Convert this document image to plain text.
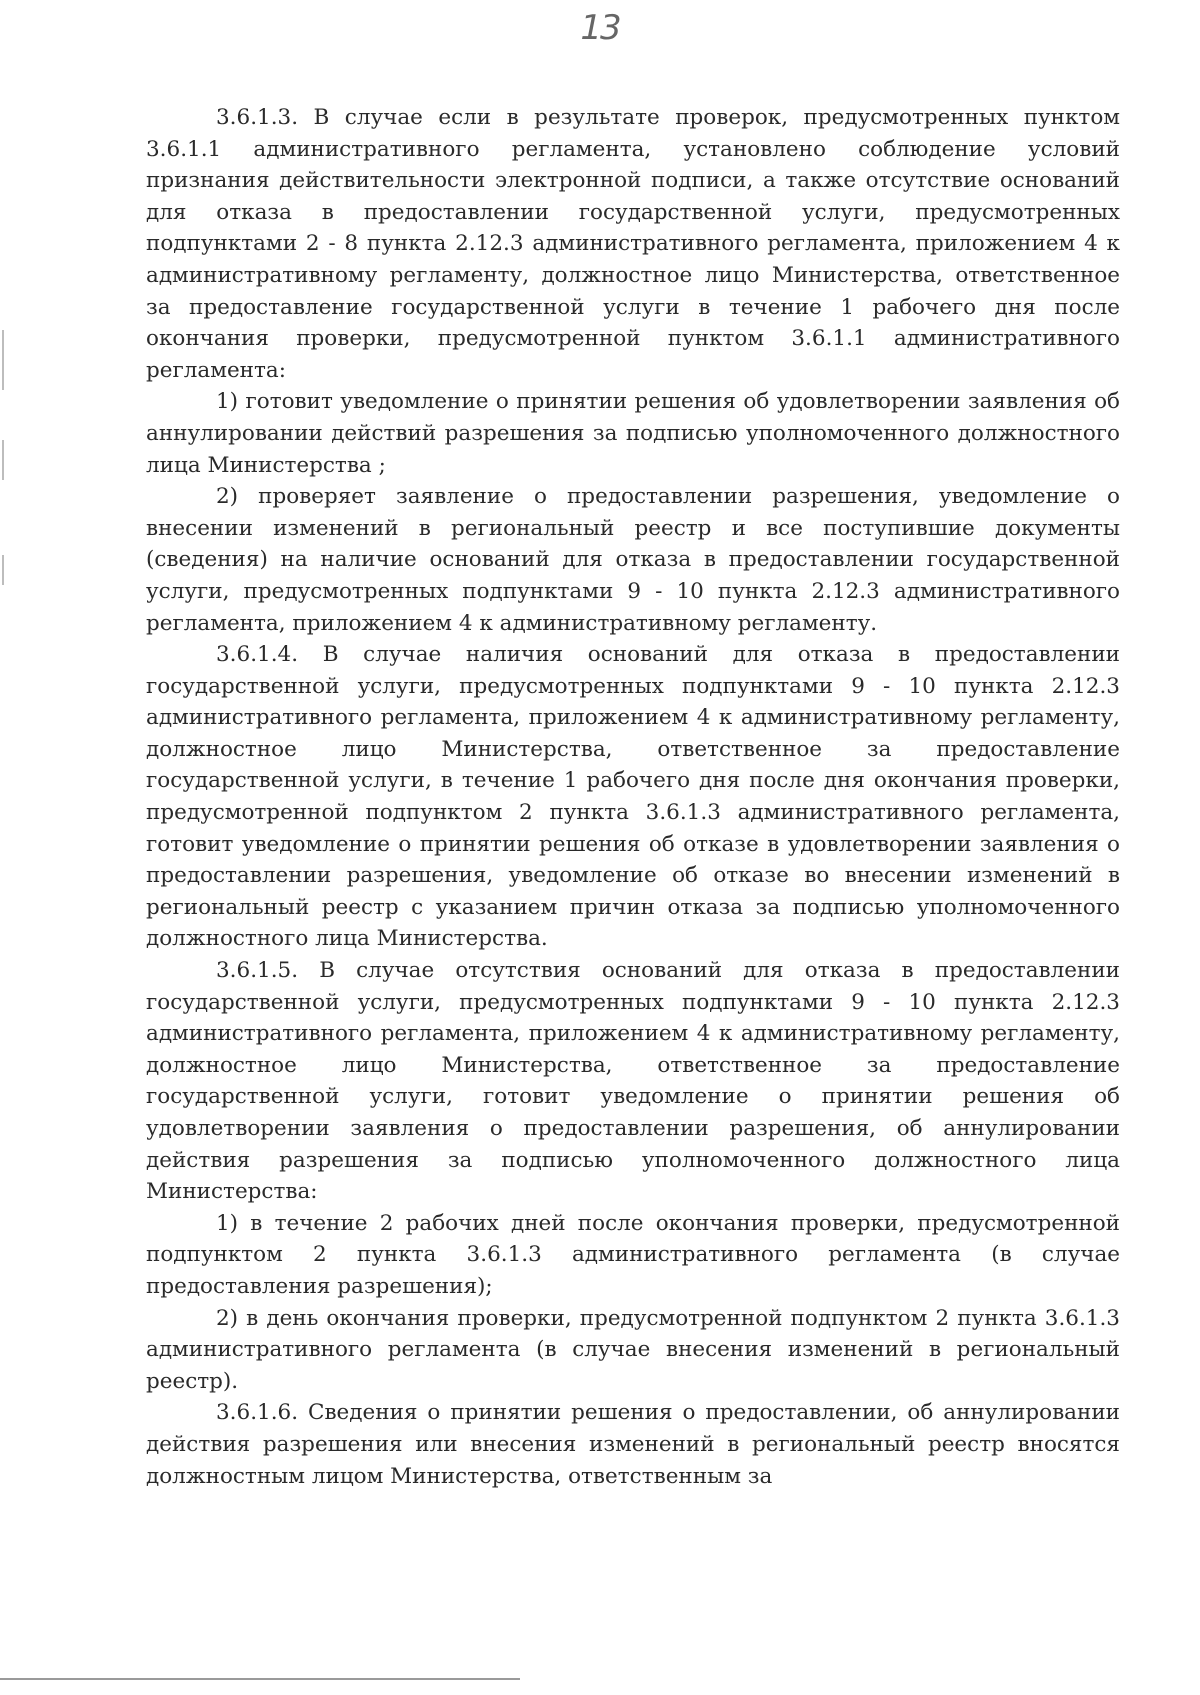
13

3.6.1.3. В случае если в результате проверок, предусмотренных пунктом 3.6.1.1 административного регламента, установлено соблюдение условий признания действительности электронной подписи, а также отсутствие оснований для отказа в предоставлении государственной услуги, предусмотренных подпунктами 2 - 8 пункта 2.12.3 административного регламента, приложением 4 к административному регламенту, должностное лицо Министерства, ответственное за предоставление государственной услуги в течение 1 рабочего дня после окончания проверки, предусмотренной пунктом 3.6.1.1 административного регламента:

1) готовит уведомление о принятии решения об удовлетворении заявления об аннулировании действий разрешения за подписью уполномоченного должностного лица Министерства ;

2) проверяет заявление о предоставлении разрешения, уведомление о внесении изменений в региональный реестр и все поступившие документы (сведения) на наличие оснований для отказа в предоставлении государственной услуги, предусмотренных подпунктами 9 - 10 пункта 2.12.3 административного регламента, приложением 4 к административному регламенту.

3.6.1.4. В случае наличия оснований для отказа в предоставлении государственной услуги, предусмотренных подпунктами 9 - 10 пункта 2.12.3 административного регламента, приложением 4 к административному регламенту, должностное лицо Министерства, ответственное за предоставление государственной услуги, в течение 1 рабочего дня после дня окончания проверки, предусмотренной подпунктом 2 пункта 3.6.1.3 административного регламента, готовит уведомление о принятии решения об отказе в удовлетворении заявления о предоставлении разрешения, уведомление об отказе во внесении изменений в региональный реестр с указанием причин отказа за подписью уполномоченного должностного лица Министерства.

3.6.1.5. В случае отсутствия оснований для отказа в предоставлении государственной услуги, предусмотренных подпунктами 9 - 10 пункта 2.12.3 административного регламента, приложением 4 к административному регламенту, должностное лицо Министерства, ответственное за предоставление государственной услуги, готовит уведомление о принятии решения об удовлетворении заявления о предоставлении разрешения, об аннулировании действия разрешения за подписью уполномоченного должностного лица Министерства:

1) в течение 2 рабочих дней после окончания проверки, предусмотренной подпунктом 2 пункта 3.6.1.3 административного регламента (в случае предоставления разрешения);

2) в день окончания проверки, предусмотренной подпунктом 2 пункта 3.6.1.3 административного регламента (в случае внесения изменений в региональный реестр).

3.6.1.6. Сведения о принятии решения о предоставлении, об аннулировании действия разрешения или внесения изменений в региональный реестр вносятся должностным лицом Министерства, ответственным за
